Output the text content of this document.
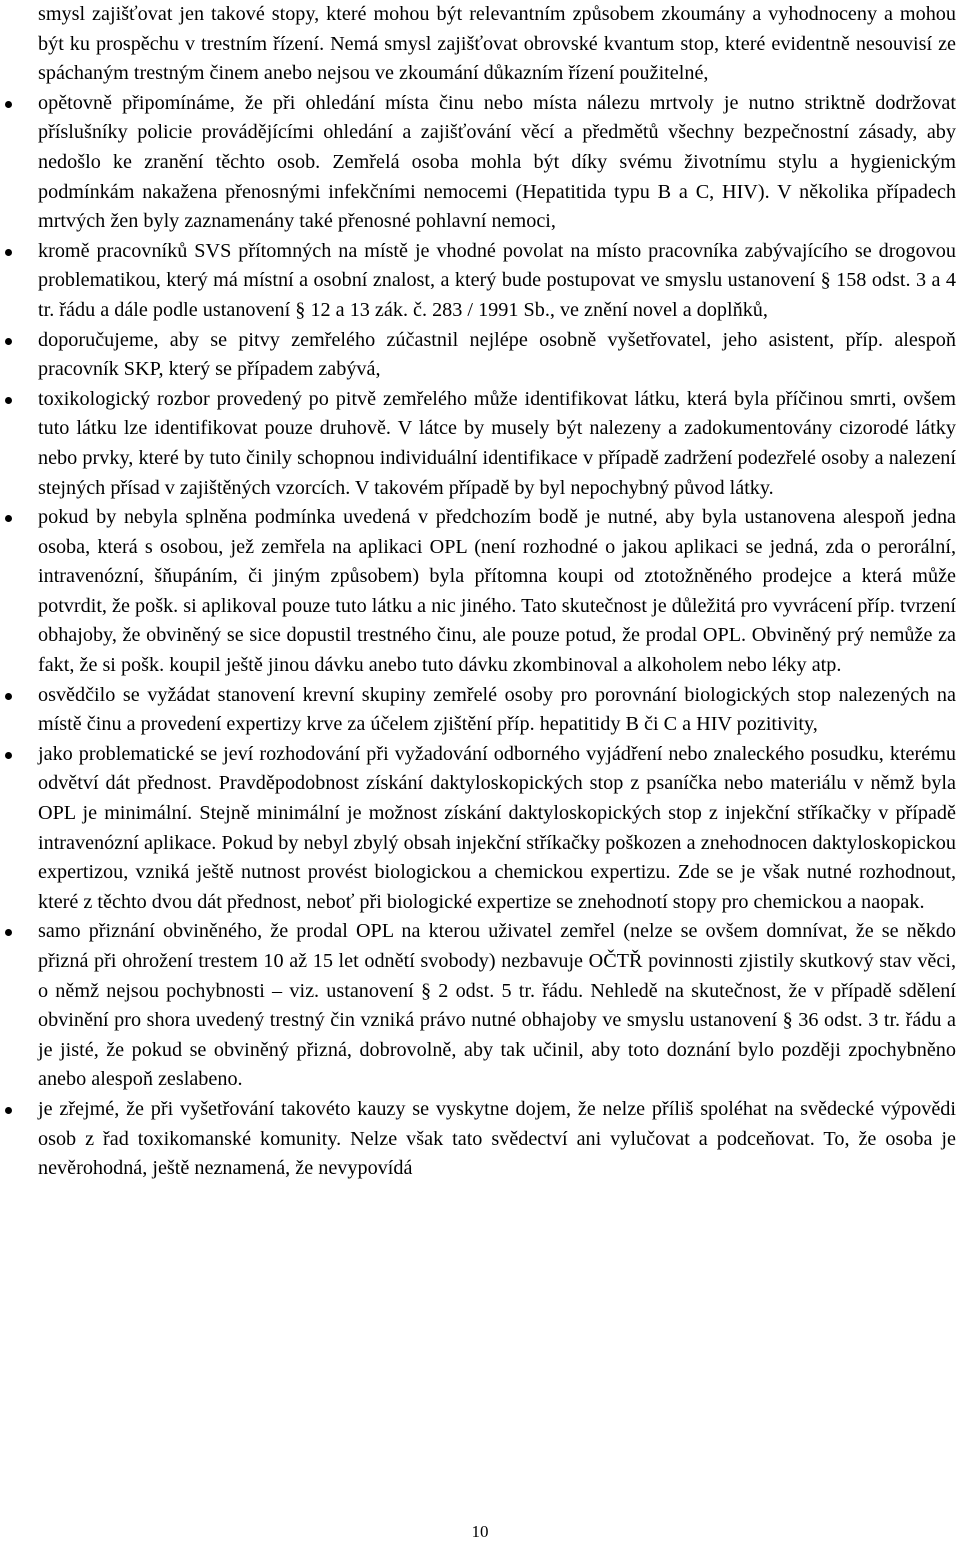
smysl zajišťovat jen takové stopy, které mohou být relevantním způsobem zkoumány a vyhodnoceny a mohou být ku prospěchu v trestním řízení. Nemá smysl zajišťovat obrovské kvantum stop, které evidentně nesouvisí ze spáchaným trestným činem anebo nejsou ve zkoumání důkazním řízení použitelné,

opětovně připomínáme, že při ohledání místa činu nebo místa nálezu mrtvoly je nutno striktně dodržovat příslušníky policie provádějícími ohledání a zajišťování věcí a předmětů všechny bezpečnostní zásady, aby nedošlo ke zranění těchto osob. Zemřelá osoba mohla být díky svému životnímu stylu a hygienickým podmínkám nakažena přenosnými infekčními nemocemi (Hepatitida typu B a C, HIV). V několika případech mrtvých žen byly zaznamenány také přenosné pohlavní nemoci,
kromě pracovníků SVS přítomných na místě je vhodné povolat na místo pracovníka zabývajícího se drogovou problematikou, který má místní a osobní znalost, a který bude postupovat ve smyslu ustanovení § 158 odst. 3 a 4 tr. řádu a dále podle ustanovení § 12 a 13 zák. č. 283 / 1991 Sb., ve znění novel a doplňků,
doporučujeme, aby se pitvy zemřelého zúčastnil nejlépe osobně vyšetřovatel, jeho asistent, příp. alespoň pracovník SKP, který se případem zabývá,
toxikologický rozbor provedený po pitvě zemřelého může identifikovat látku, která byla příčinou smrti, ovšem tuto látku lze identifikovat pouze druhově. V látce by musely být nalezeny a zadokumentovány cizorodé látky nebo prvky, které by tuto činily schopnou individuální identifikace v případě zadržení podezřelé osoby a nalezení stejných přísad v zajištěných vzorcích. V takovém případě by byl nepochybný původ látky.
pokud by nebyla splněna podmínka uvedená v předchozím bodě je nutné, aby byla ustanovena alespoň jedna osoba, která s osobou, jež zemřela na aplikaci OPL (není rozhodné o jakou aplikaci se jedná, zda o perorální, intravenózní, šňupáním, či jiným způsobem) byla přítomna koupi od ztotožněného prodejce a která může potvrdit, že pošk. si aplikoval pouze tuto látku a nic jiného. Tato skutečnost je důležitá pro vyvrácení příp. tvrzení obhajoby, že obviněný se sice dopustil trestného činu, ale pouze potud, že prodal OPL. Obviněný prý nemůže za fakt, že si pošk. koupil ještě jinou dávku anebo tuto dávku zkombinoval a alkoholem nebo léky atp.
osvědčilo se vyžádat stanovení krevní skupiny zemřelé osoby pro porovnání biologických stop nalezených na místě činu a provedení expertizy krve za účelem zjištění příp. hepatitidy B či C a HIV pozitivity,
jako problematické se jeví rozhodování při vyžadování odborného vyjádření nebo znaleckého posudku, kterému odvětví dát přednost. Pravděpodobnost získání daktyloskopických stop z psaníčka nebo materiálu v němž byla OPL je minimální. Stejně minimální je možnost získání daktyloskopických stop z injekční stříkačky v případě intravenózní aplikace. Pokud by nebyl zbylý obsah injekční stříkačky poškozen a znehodnocen daktyloskopickou expertizou, vzniká ještě nutnost provést biologickou a chemickou expertizu. Zde se je však nutné rozhodnout, které z těchto dvou dát přednost, neboť při biologické expertize se znehodnotí stopy pro chemickou a naopak.
samo přiznání obviněného, že prodal OPL na kterou uživatel zemřel (nelze se ovšem domnívat, že se někdo přizná při ohrožení trestem 10 až 15 let odnětí svobody) nezbavuje OČTŘ povinnosti zjistily skutkový stav věci, o němž nejsou pochybnosti – viz. ustanovení § 2 odst. 5 tr. řádu. Nehledě na skutečnost, že v případě sdělení obvinění pro shora uvedený trestný čin vzniká právo nutné obhajoby ve smyslu ustanovení § 36 odst. 3 tr. řádu a je jisté, že pokud se obviněný přizná, dobrovolně, aby tak učinil, aby toto doznání bylo později zpochybněno anebo alespoň zeslabeno.
je zřejmé, že při vyšetřování takovéto kauzy se vyskytne dojem, že nelze příliš spoléhat na svědecké výpovědi osob z řad toxikomanské komunity. Nelze však tato svědectví ani vylučovat a podceňovat. To, že osoba je nevěrohodná, ještě neznamená, že nevypovídá
10
